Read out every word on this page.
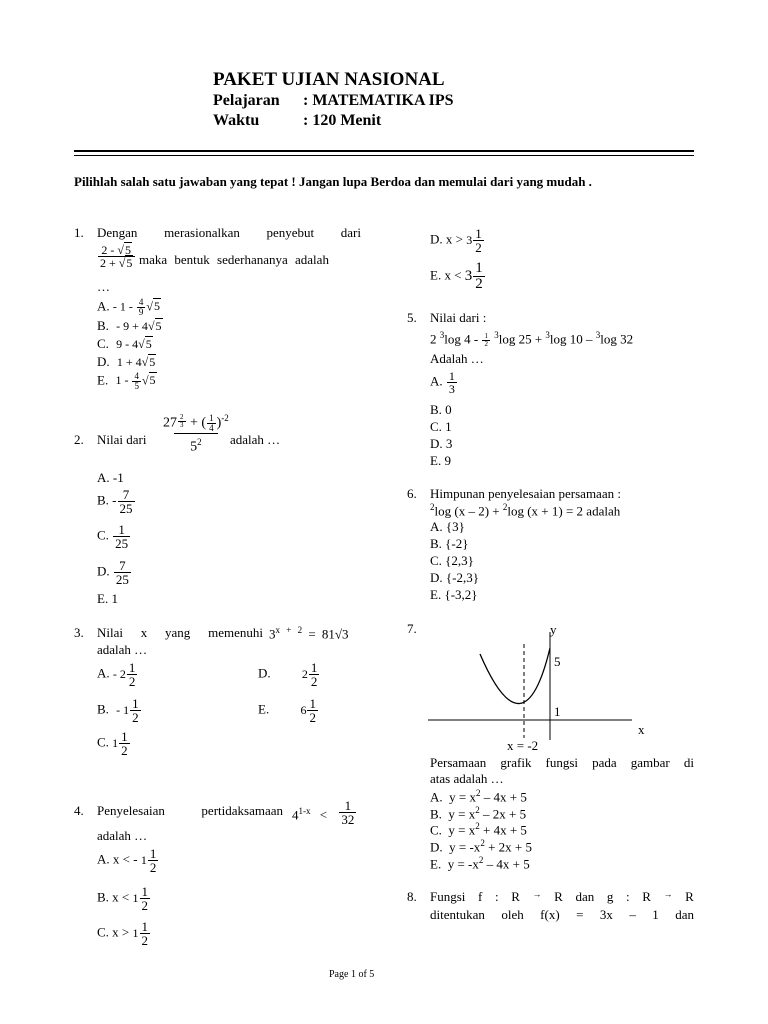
PAKET UJIAN NASIONAL
Pelajaran : MATEMATIKA IPS
Waktu	: 120 Menit
Pilihlah salah satu jawaban yang tepat ! Jangan lupa Berdoa dan memulai dari yang mudah .
1. Dengan merasionalkan penyebut dari
$\frac{2 - √5}{2 + √5}$ maka bentuk sederhananya adalah
…
A. - $1 - \frac{4}{9} √5$
B. - 9 + 4√5
C. 9 - 4√5
D. 1 + 4√5
E. $1 - \frac{4}{5} √5$
2. Nilai dari $\frac{27 \frac{2}{3} + ( \frac{1}{4} )^{-2}}{5^2}$ adalah …
A. -1
B. - $\frac{7}{25}$
C. $\frac{1}{25}$
D. $\frac{7}{25}$
E. 1
3. Nilai x yang memenuhi $3^{x + 2} = 81√3$
adalah …
A. - $2 \frac{1}{2}$	D.	$2 \frac{1}{2}$
B. - $1 \frac{1}{2}$	E.	$6 \frac{1}{2}$
C. $1 \frac{1}{2}$
4. Penyelesaian	pertidaksamaan $4^{1-x} < \frac{1}{32}$
adalah …
A. x < - $1 \frac{1}{2}$
B. $x < 1 \frac{1}{2}$
C. $x > 1 \frac{1}{2}$
D. $x > 3 \frac{1}{2}$
E. $x < 3 \frac{1}{2}$
5. Nilai dari :
2 $^3$log $4 - \frac{1}{2} ^3\log$ 25 + $^3$log 10 – $^3$log 32
Adalah …
A. $\frac{1}{3}$
B. 0
C. 1
D. 3
E. 9
6. Himpunan penyelesaian persamaan :
$^2$log (x – 2) + $^2$log (x + 1) = 2 adalah
A. {3}
B. {-2}
C. {2,3}
D. {-2,3}
E. {-3,2}
7.	y
x
5
1
x = -2
Persamaan grafik fungsi pada gambar di
atas adalah …
A. $y = x^2 - 4x + 5$
B. $y = x^2 - 2x + 5$
C. $y = x^2 + 4x + 5$
D. $y = -x^2 + 2x + 5$
E. $y = -x^2 - 4x + 5$
8. Fungsi f : R → R dan g : R → R
ditentukan oleh f(x) = 3x – 1 dan
Page 1 of 5
